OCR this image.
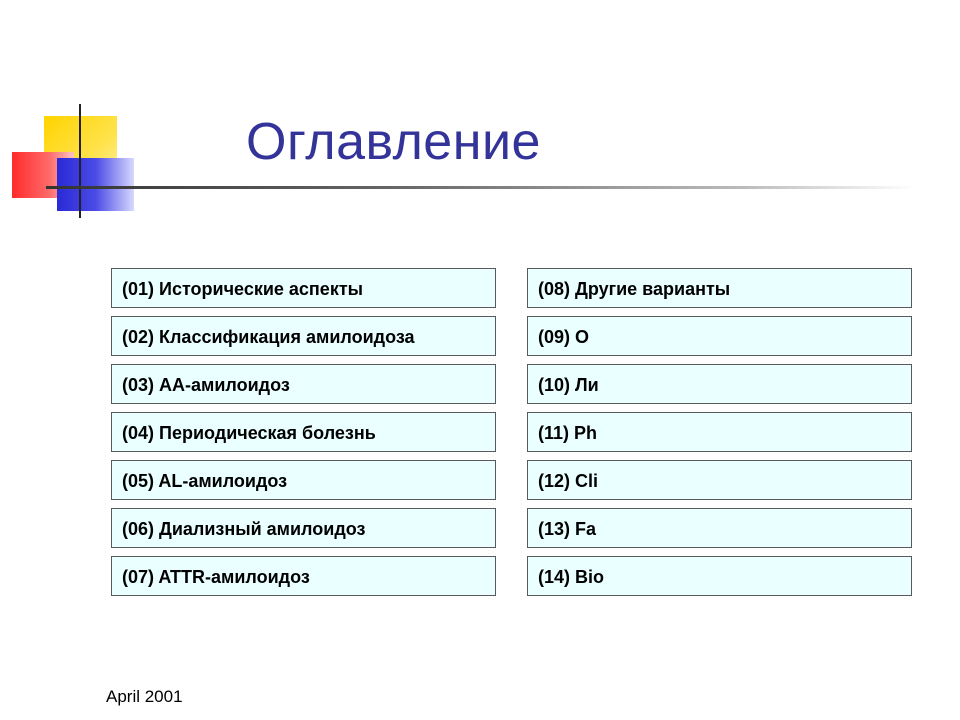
Оглавление
(01) Исторические аспекты
(02) Классификация амилоидоза
(03) АА-амилоидоз
(04) Периодическая болезнь
(05) AL-амилоидоз
(06) Диализный амилоидоз
(07) ATTR-амилоидоз
(08) Другие варианты
(09) O
(10) Ли
(11) Ph
(12) Cli
(13) Fa
(14) Bio
April 2001
